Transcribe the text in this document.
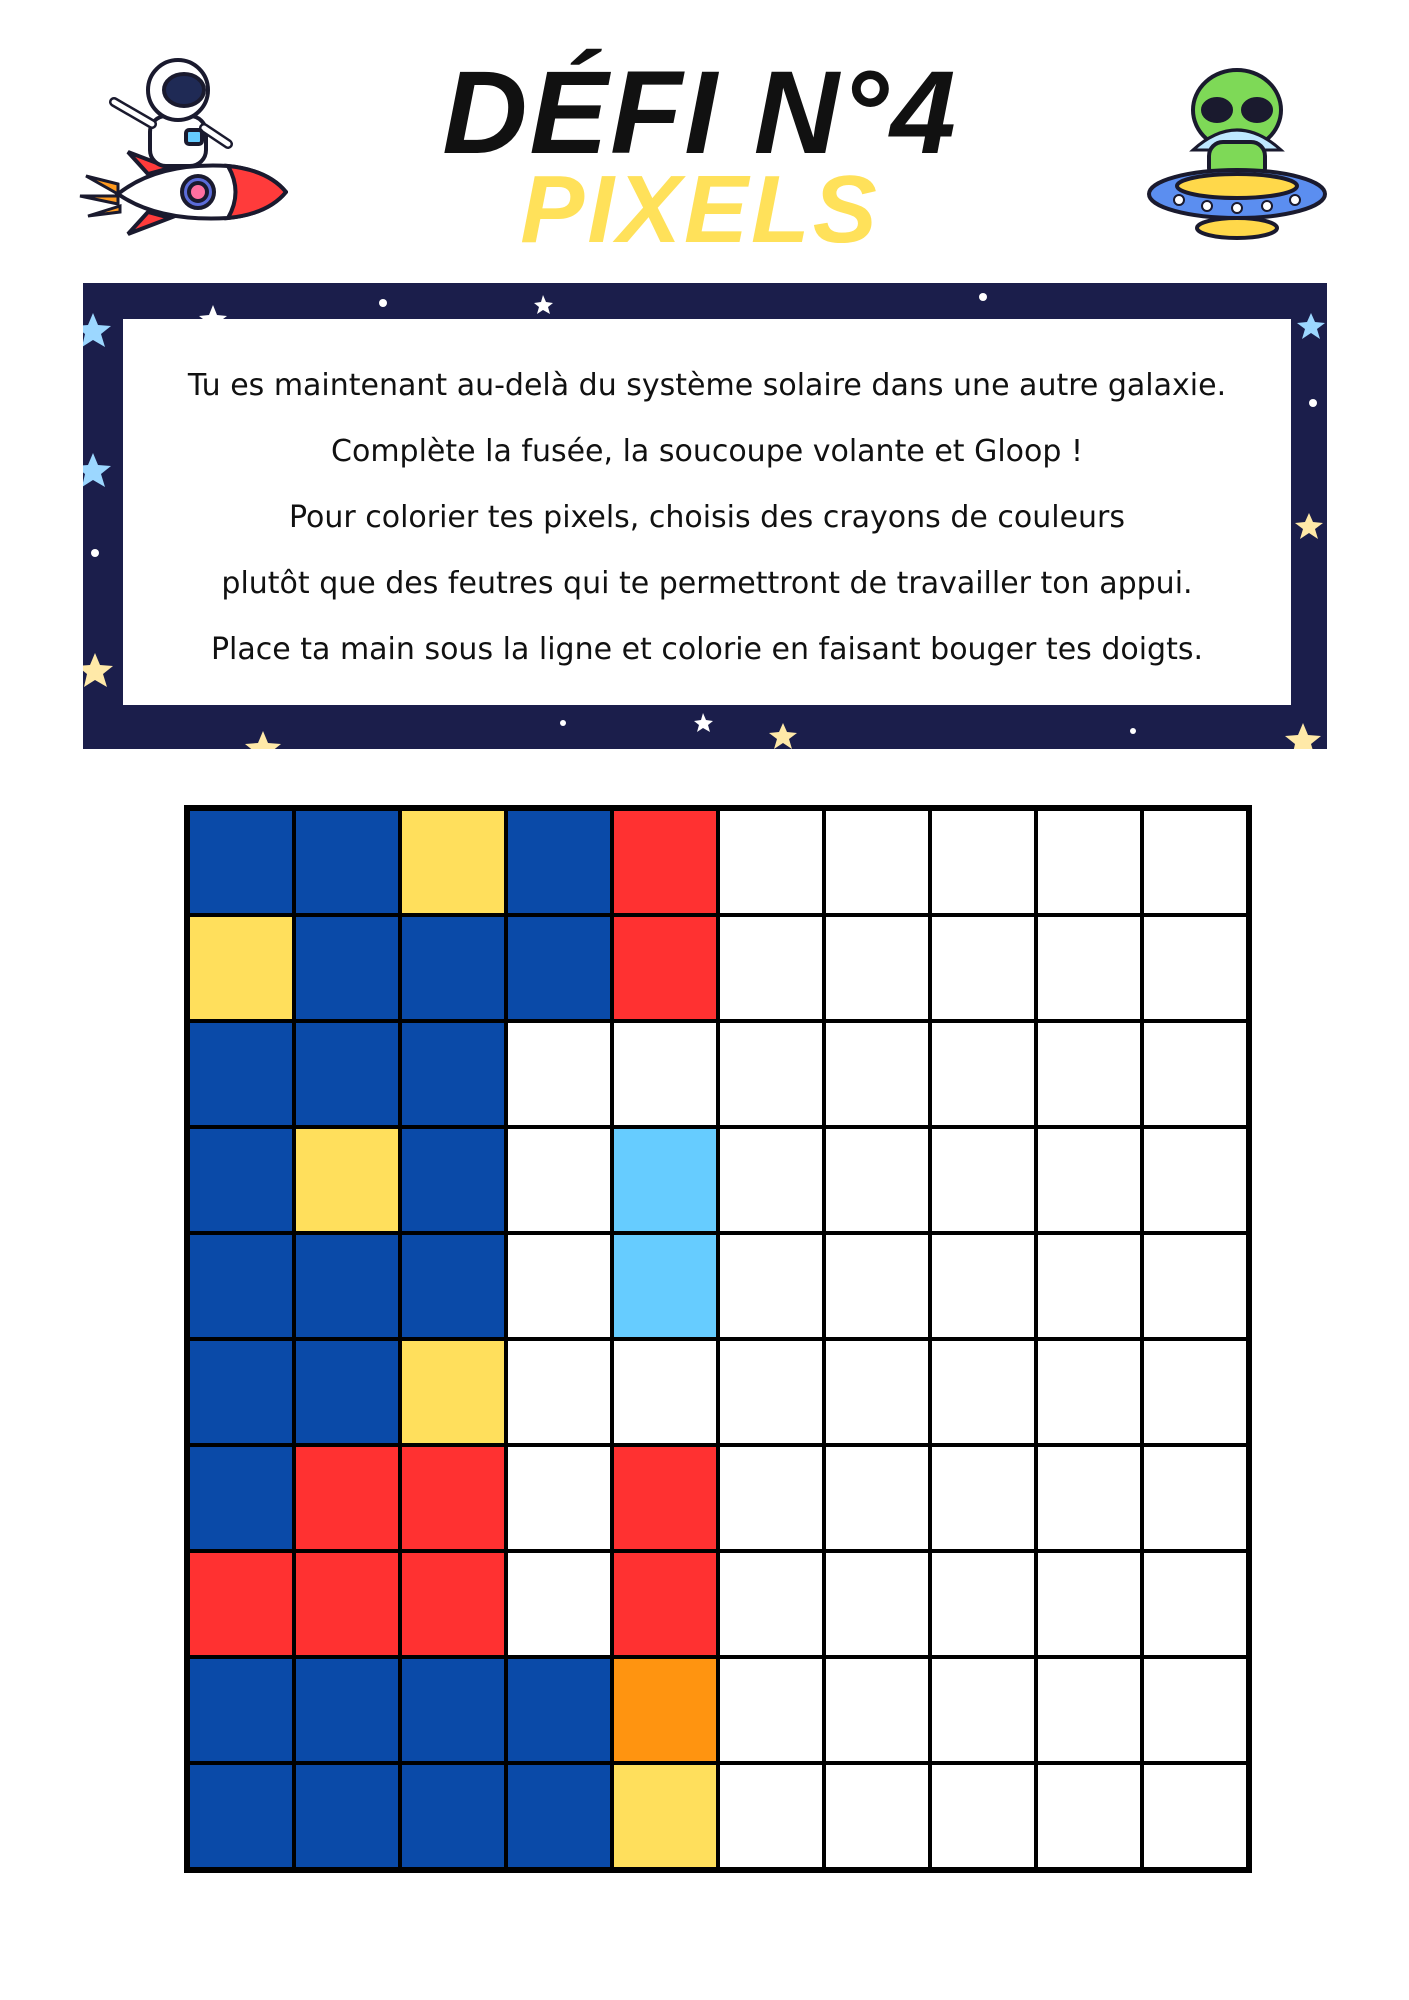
DÉFI N°4
PIXELS

Tu es maintenant au-delà du système solaire dans une autre galaxie.

Complète la fusée, la soucoupe volante et Gloop !

Pour colorier tes pixels, choisis des crayons de couleurs

plutôt que des feutres qui te permettront de travailler ton appui.

Place ta main sous la ligne et colorie en faisant bouger tes doigts.
